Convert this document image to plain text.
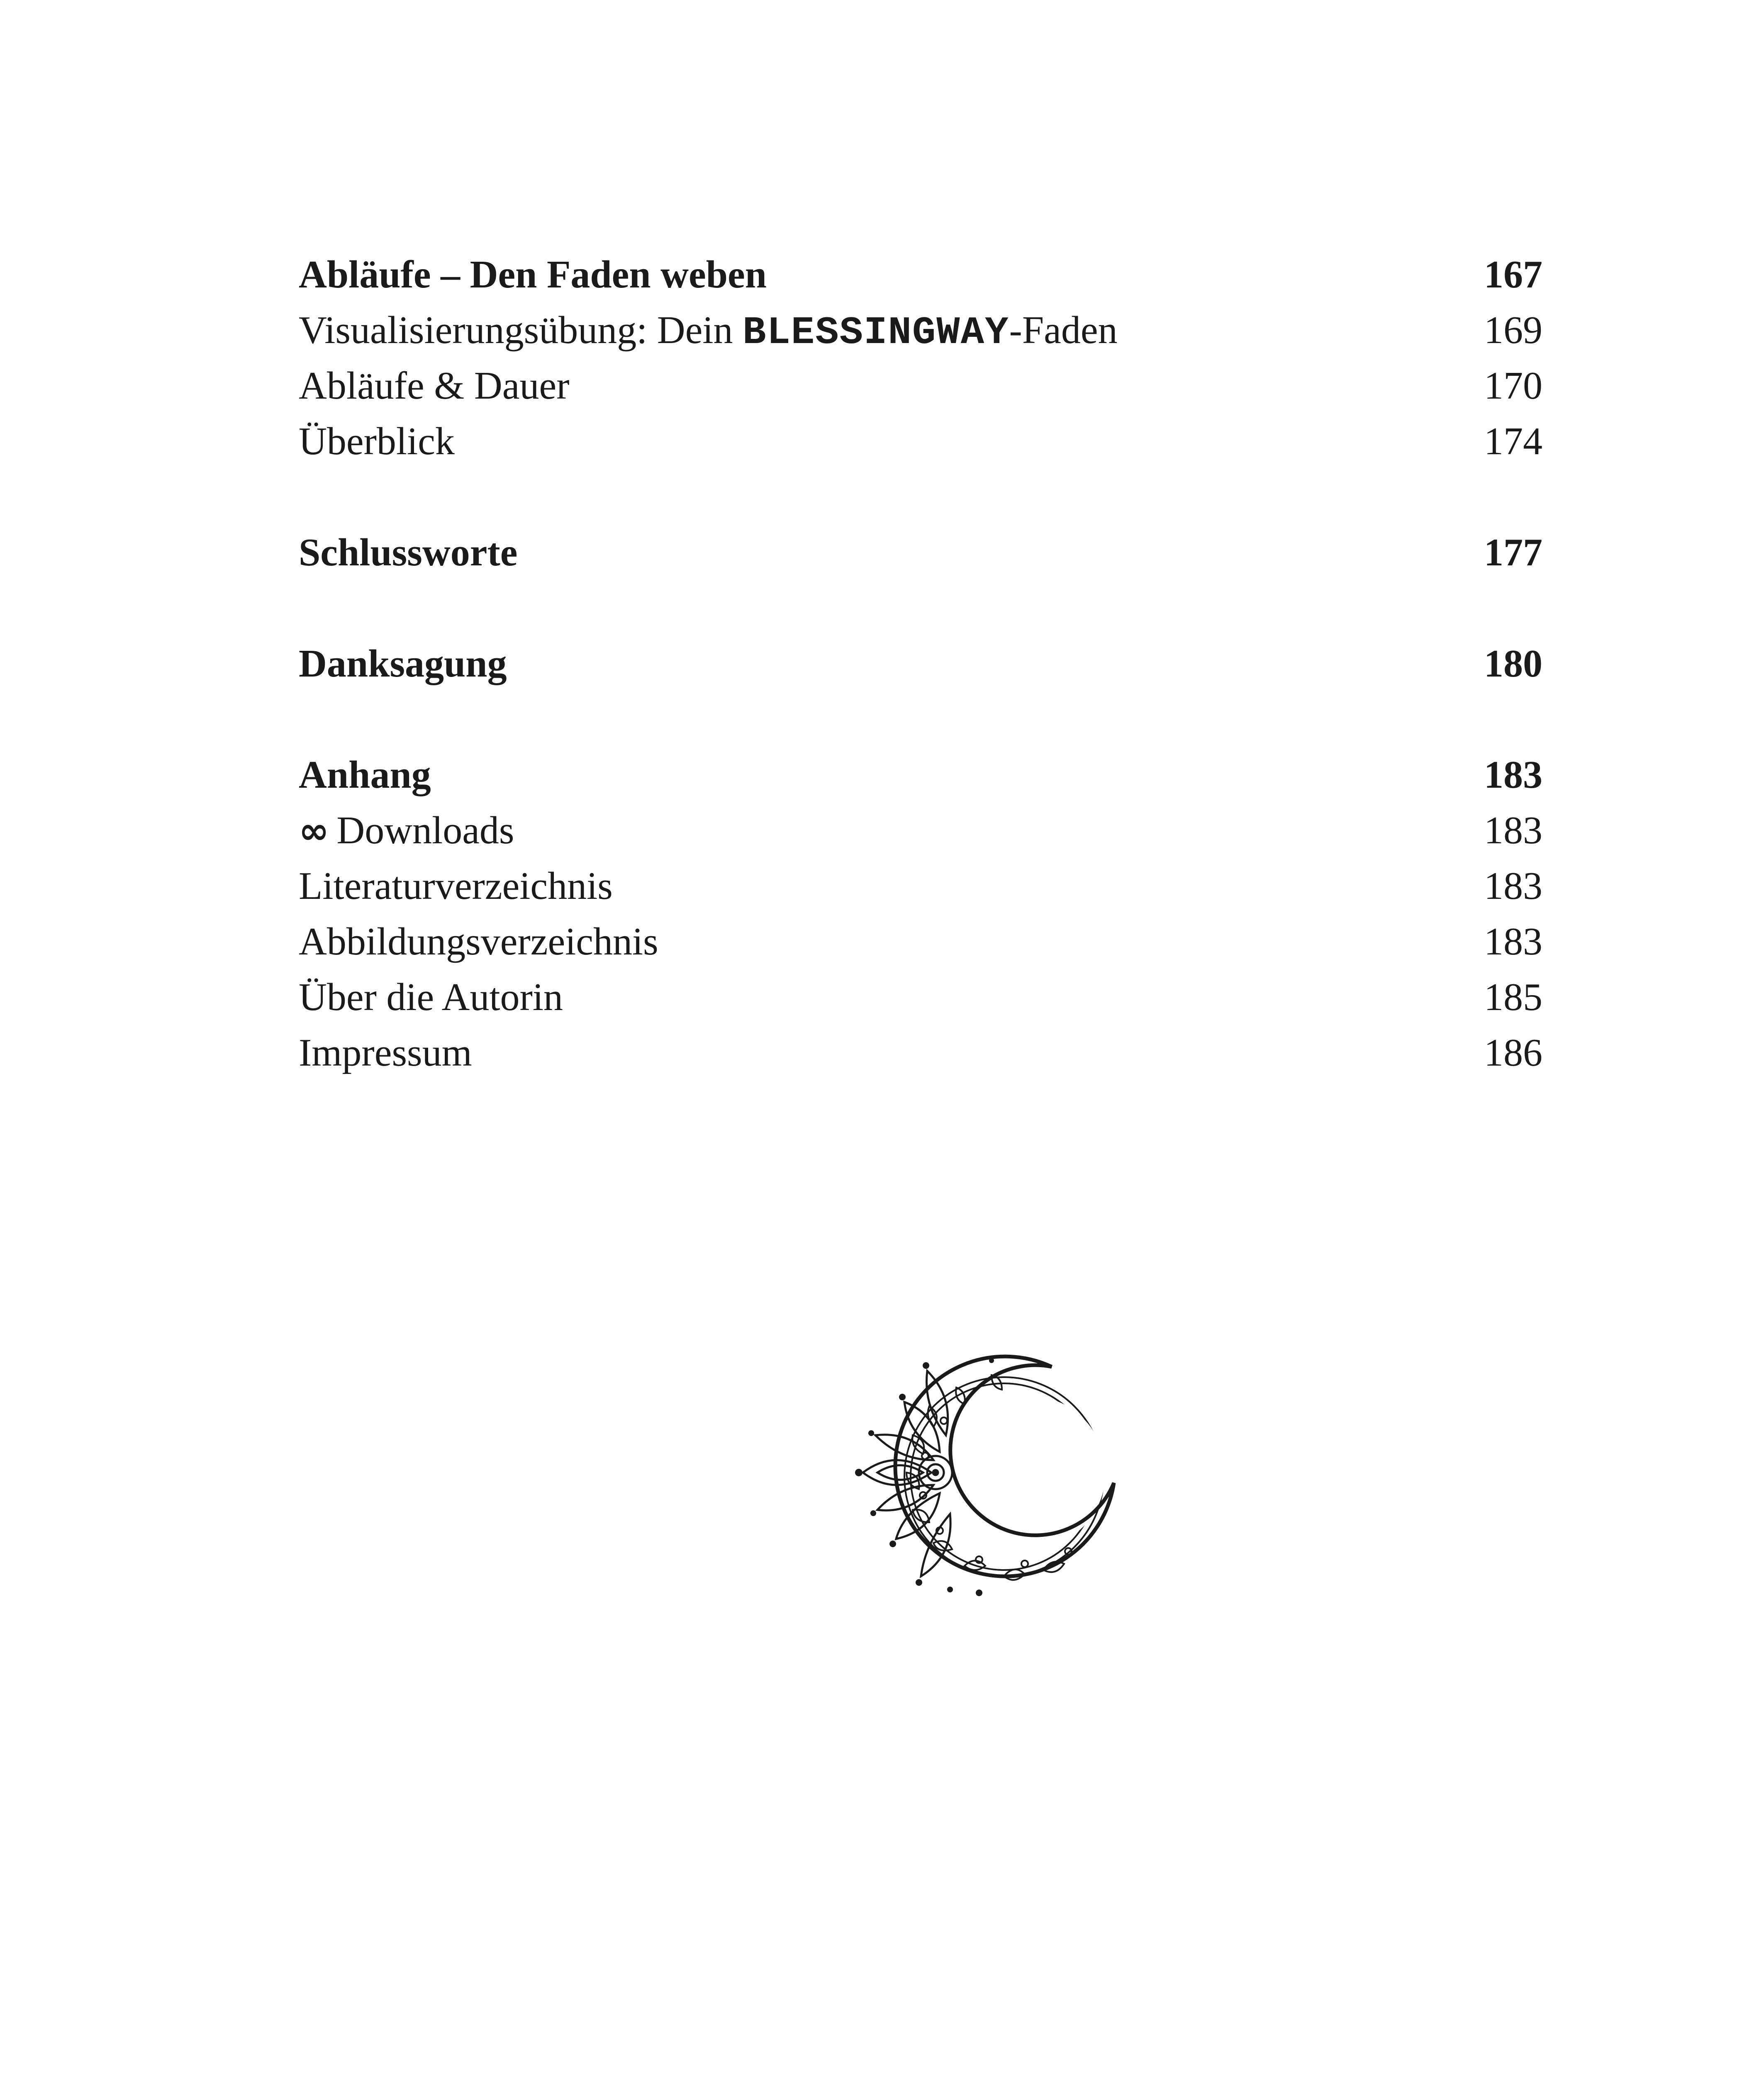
Abläufe – Den Faden weben	167
Visualisierungsübung: Dein BLESSINGWAY-Faden	169
Abläufe & Dauer	170
Überblick	174
Schlussworte	177
Danksagung	180
Anhang	183
∞ Downloads	183
Literaturverzeichnis	183
Abbildungsverzeichnis	183
Über die Autorin	185
Impressum	186
